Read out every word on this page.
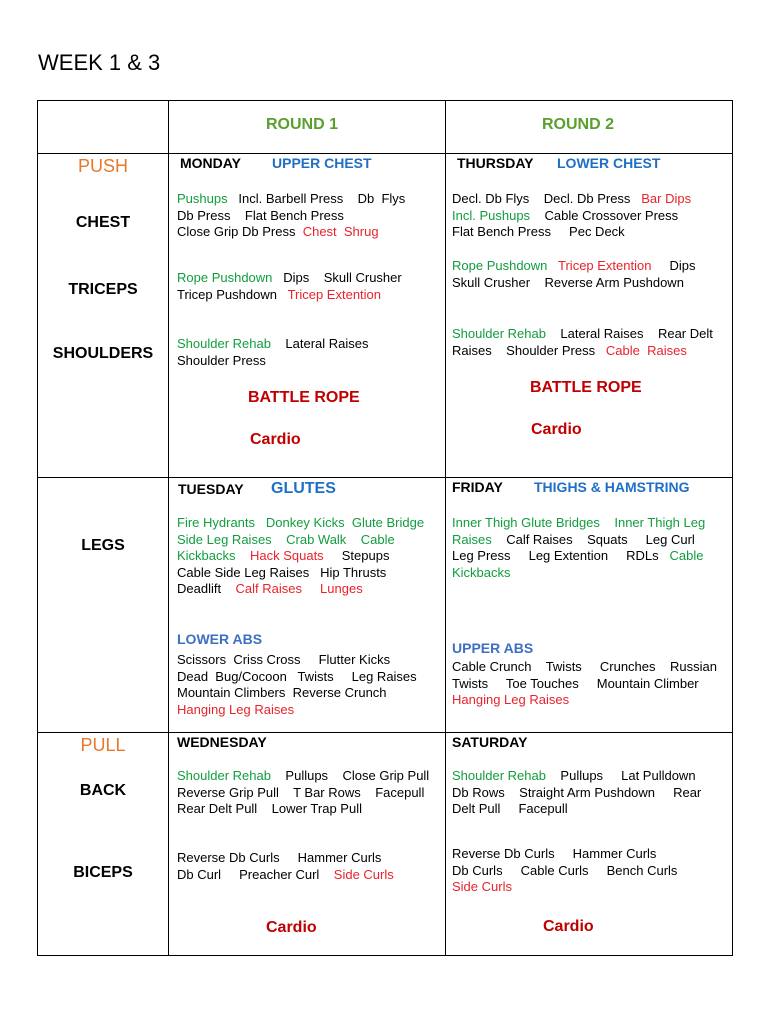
WEEK 1 & 3
ROUND 1	ROUND 2
PUSH
CHEST
TRICEPS
SHOULDERS
LEGS
PULL
BACK
BICEPS
MONDAY UPPER CHEST
Pushups   Incl. Barbell Press    Db  Flys
Db Press    Flat Bench Press
Close Grip Db Press  Chest  Shrug
Rope Pushdown   Dips    Skull Crusher
Tricep Pushdown   Tricep Extention
Shoulder Rehab    Lateral Raises
Shoulder Press
BATTLE ROPE
Cardio
THURSDAY LOWER CHEST
Decl. Db Flys    Decl. Db Press   Bar Dips
Incl. Pushups    Cable Crossover Press
Flat Bench Press     Pec Deck
Rope Pushdown Tricep Extention     Dips
Skull Crusher    Reverse Arm Pushdown
Shoulder Rehab    Lateral Raises    Rear Delt
Raises    Shoulder Press   Cable  Raises
BATTLE ROPE
Cardio
TUESDAY GLUTES
Fire Hydrants   Donkey Kicks  Glute Bridge
Side Leg Raises    Crab Walk    Cable
Kickbacks Hack Squats     Stepups
Cable Side Leg Raises   Hip Thrusts
Deadlift    Calf Raises     Lunges
LOWER ABS
Scissors  Criss Cross     Flutter Kicks
Dead  Bug/Cocoon   Twists     Leg Raises
Mountain Climbers  Reverse Crunch
Hanging Leg Raises
FRIDAY THIGHS & HAMSTRING
Inner Thigh Glute Bridges    Inner Thigh Leg
Raises    Calf Raises    Squats     Leg Curl
Leg Press     Leg Extention     RDLs   Cable
Kickbacks
UPPER ABS
Cable Crunch    Twists     Crunches    Russian
Twists     Toe Touches     Mountain Climber
Hanging Leg Raises
WEDNESDAY
Shoulder Rehab    Pullups    Close Grip Pull
Reverse Grip Pull    T Bar Rows    Facepull
Rear Delt Pull    Lower Trap Pull
Reverse Db Curls     Hammer Curls
Db Curl     Preacher Curl    Side Curls
Cardio
SATURDAY
Shoulder Rehab    Pullups     Lat Pulldown
Db Rows    Straight Arm Pushdown     Rear
Delt Pull     Facepull
Reverse Db Curls     Hammer Curls
Db Curls     Cable Curls     Bench Curls
Side Curls
Cardio
